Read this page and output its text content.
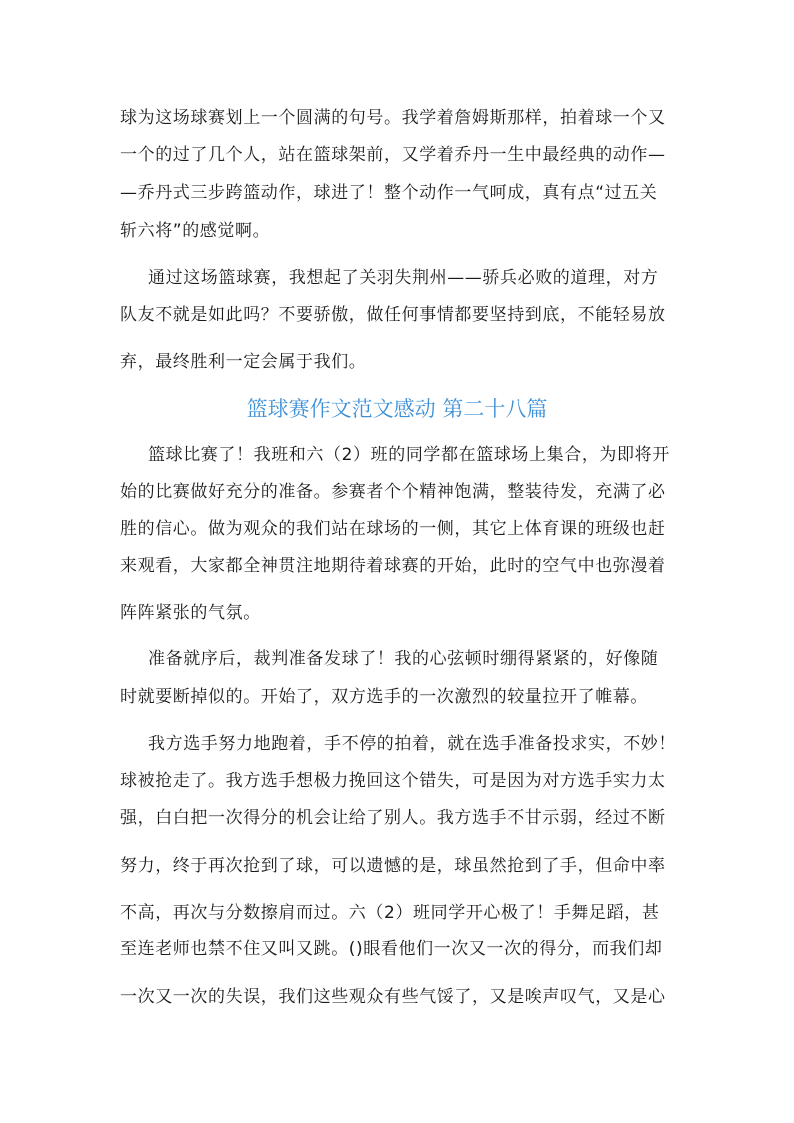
球为这场球赛划上一个圆满的句号。我学着詹姆斯那样，拍着球一个又
一个的过了几个人，站在篮球架前，又学着乔丹一生中最经典的动作—
—乔丹式三步跨篮动作，球进了！整个动作一气呵成，真有点“过五关
斩六将”的感觉啊。
通过这场篮球赛，我想起了关羽失荆州——骄兵必败的道理，对方
队友不就是如此吗？不要骄傲，做任何事情都要坚持到底，不能轻易放
弃，最终胜利一定会属于我们。
篮球赛作文范文感动 第二十八篇
篮球比赛了！我班和六（2）班的同学都在篮球场上集合，为即将开
始的比赛做好充分的准备。参赛者个个精神饱满，整装待发，充满了必
胜的信心。做为观众的我们站在球场的一侧，其它上体育课的班级也赶
来观看，大家都全神贯注地期待着球赛的开始，此时的空气中也弥漫着
阵阵紧张的气氛。
准备就序后，裁判准备发球了！我的心弦顿时绷得紧紧的，好像随
时就要断掉似的。开始了，双方选手的一次激烈的较量拉开了帷幕。
我方选手努力地跑着，手不停的拍着，就在选手准备投求实，不妙！
球被抢走了。我方选手想极力挽回这个错失，可是因为对方选手实力太
强，白白把一次得分的机会让给了别人。我方选手不甘示弱，经过不断
努力，终于再次抢到了球，可以遗憾的是，球虽然抢到了手，但命中率
不高，再次与分数擦肩而过。六（2）班同学开心极了！手舞足蹈，甚
至连老师也禁不住又叫又跳。()眼看他们一次又一次的得分，而我们却
一次又一次的失误，我们这些观众有些气馁了，又是唉声叹气，又是心
